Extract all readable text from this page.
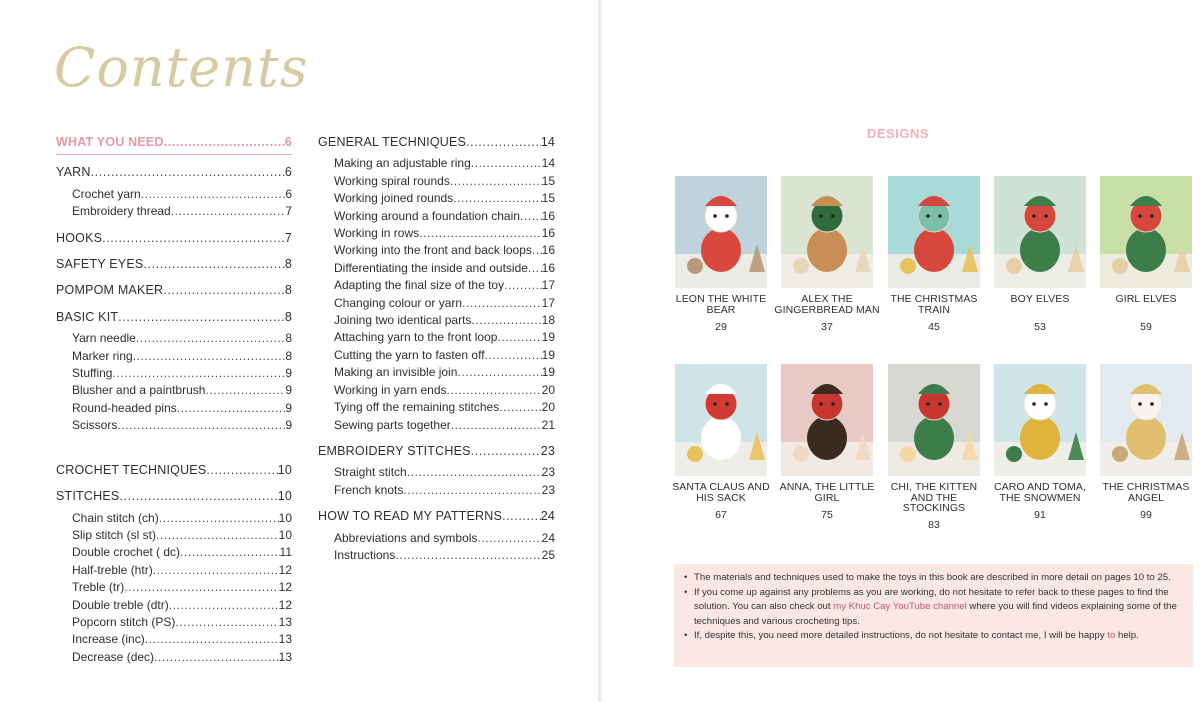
Contents
WHAT YOU NEED .....	6
YARN .....	6
Crochet yarn .....	6
Embroidery thread .....	7
HOOKS .....	7
SAFETY EYES .....	8
POMPOM MAKER .....	8
BASIC KIT .....	8
Yarn needle .....	8
Marker ring .....	8
Stuffing .....	9
Blusher and a paintbrush .....	9
Round-headed pins .....	9
Scissors .....	9
CROCHET TECHNIQUES .....	10
STITCHES .....	10
Chain stitch (ch) .....	10
Slip stitch (sl st) .....	10
Double crochet ( dc) .....	11
Half-treble (htr) .....	12
Treble (tr) .....	12
Double treble (dtr) .....	12
Popcorn stitch (PS) .....	13
Increase (inc) .....	13
Decrease (dec) .....	13
GENERAL TECHNIQUES .....	14
Making an adjustable ring .....	14
Working spiral rounds .....	15
Working joined rounds .....	15
Working around a foundation chain ..... 16
Working in rows .....	16
Working into the front and back loops ..... 16
Differentiating the inside and outside ..... 16
Adapting the final size of the toy .....	17
Changing colour or yarn .....	17
Joining two identical parts .....	18
Attaching yarn to the front loop .....	19
Cutting the yarn to fasten off .....	19
Making an invisible join .....	19
Working in yarn ends .....	20
Tying off the remaining stitches .....	20
Sewing parts together .....	21
EMBROIDERY STITCHES .....	23
Straight stitch .....	23
French knots .....	23
HOW TO READ MY PATTERNS .....	24
Abbreviations and symbols .....	24
Instructions .....	25
DESIGNS
LEON THE WHITE BEAR
29
ALEX THE GINGERBREAD MAN
37
THE CHRISTMAS TRAIN
45
BOY ELVES
53
GIRL ELVES
59
SANTA CLAUS AND HIS SACK
67
ANNA, THE LITTLE GIRL
75
CHI, THE KITTEN AND THE STOCKINGS
83
CARO AND TOMA, THE SNOWMEN
91
THE CHRISTMAS ANGEL
99
• The materials and techniques used to make the toys in this book are described in more detail on pages 10 to 25.
• If you come up against any problems as you are working, do not hesitate to refer back to these pages to find the solution. You can also check out my Khuc Cay YouTube channel where you will find videos explaining some of the techniques and various crocheting tips.
• If, despite this, you need more detailed instructions, do not hesitate to contact me, I will be happy to help.
